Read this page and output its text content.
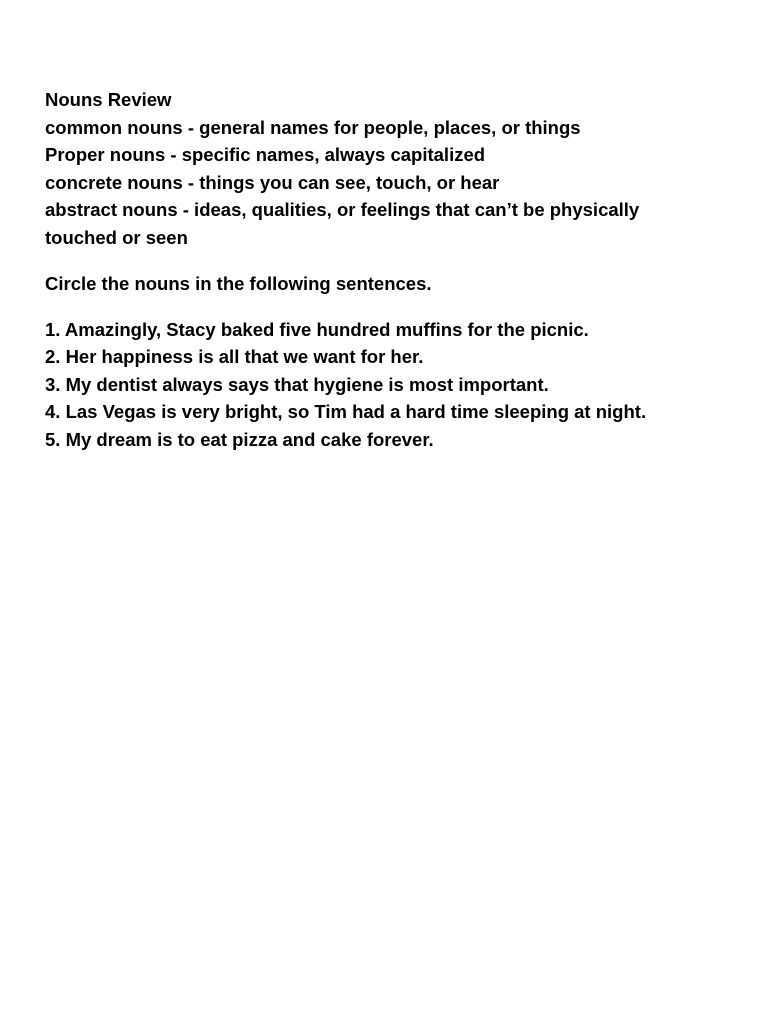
Nouns Review
common nouns - general names for people, places, or things
Proper nouns - specific names, always capitalized
concrete nouns - things you can see, touch, or hear
abstract nouns - ideas, qualities, or feelings that can’t be physically touched or seen
Circle the nouns in the following sentences.
1. Amazingly, Stacy baked five hundred muffins for the picnic.
2. Her happiness is all that we want for her.
3. My dentist always says that hygiene is most important.
4. Las Vegas is very bright, so Tim had a hard time sleeping at night.
5. My dream is to eat pizza and cake forever.
